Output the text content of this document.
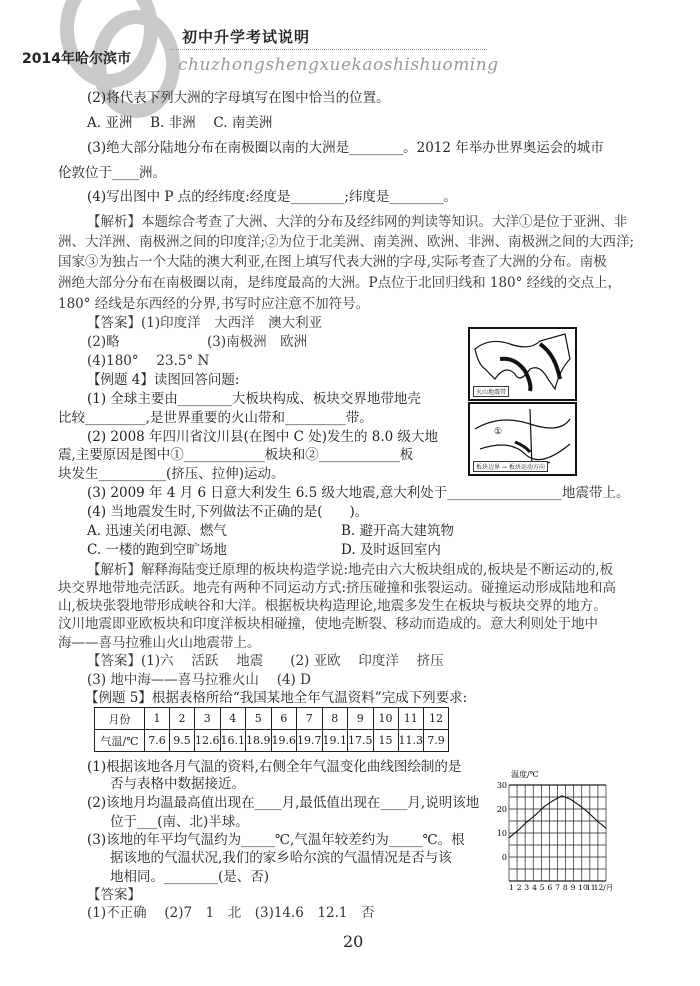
初中升学考试说明
2014年哈尔滨市	chuzhongshengxuekaoshishuoming
(2)将代表下列大洲的字母填写在图中恰当的位置。
A. 亚洲　 B. 非洲　 C. 南美洲
(3)绝大部分陆地分布在南极圈以南的大洲是________。2012 年举办世界奥运会的城市
伦敦位于____洲。
(4)写出图中 P 点的经纬度:经度是________;纬度是________。
【解析】本题综合考查了大洲、大洋的分布及经纬网的判读等知识。大洋①是位于亚洲、非
洲、大洋洲、南极洲之间的印度洋;②为位于北美洲、南美洲、欧洲、非洲、南极洲之间的大西洋;
国家③为独占一个大陆的澳大利亚,在图上填写代表大洲的字母,实际考查了大洲的分布。南极
洲绝大部分分布在南极圈以南，是纬度最高的大洲。P点位于北回归线和 180° 经线的交点上，
180° 经线是东西经的分界,书写时应注意不加符号。
【答案】(1)印度洋　大西洋　澳大利亚
(2)略	(3)南极洲　欧洲
(4)180°　 23.5° N
【例题 4】读图回答问题:
(1) 全球主要由________大板块构成、板块交界地带地壳
比较_________,是世界重要的火山带和_________带。
(2) 2008 年四川省汶川县(在图中 C 处)发生的 8.0 级大地
震,主要原因是图中①____________板块和②____________板
块发生__________(挤压、拉伸)运动。
(3) 2009 年 4 月 6 日意大利发生 6.5 级大地震,意大利处于_________________地震带上。
(4) 当地震发生时,下列做法不正确的是(　　)。
A. 迅速关闭电源、燃气	B. 避开高大建筑物
C. 一楼的跑到空旷场地	D. 及时返回室内
火山地震带
①
板块边界 → 板块运动方向
【解析】解释海陆变迁原理的板块构造学说:地壳由六大板块组成的,板块是不断运动的,板
块交界地带地壳活跃。地壳有两种不同运动方式:挤压碰撞和张裂运动。碰撞运动形成陆地和高
山,板块张裂地带形成峡谷和大洋。根据板块构造理论,地震多发生在板块与板块交界的地方。
汶川地震即亚欧板块和印度洋板块相碰撞，使地壳断裂、移动而造成的。意大利则处于地中
海——喜马拉雅山火山地震带上。
【答案】(1)六　 活跃　 地震　　(2) 亚欧　 印度洋　 挤压
(3) 地中海——喜马拉雅火山　 (4) D
【例题 5】根据表格所给“我国某地全年气温资料”完成下列要求:
月份	1	2	3	4	5	6	7	8	9	10	11	12
气温/℃	7.6	9.5	12.6	16.1	18.9	19.6	19.7	19.1	17.5	15	11.3	7.9
(1)根据该地各月气温的资料,右侧全年气温变化曲线图绘制的是
否与表格中数据接近。
(2)该地月均温最高值出现在____月,最低值出现在____月,说明该地
位于___(南、北)半球。
(3)该地的年平均气温约为_____℃,气温年较差约为_____℃。根
据该地的气温状况,我们的家乡哈尔滨的气温情况是否与该
地相同。________(是、否)
【答案】
(1)不正确　 (2)7　1　北　(3)14.6　12.1　否
30
20
10
0
1 2 3 4 5 6 7 8 9 10
11
12/月
温度/℃
20
